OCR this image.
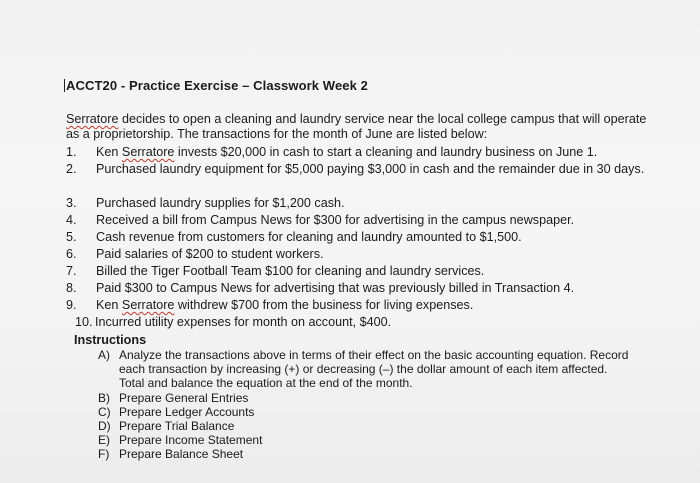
ACCT20 - Practice Exercise – Classwork Week 2
Serratore decides to open a cleaning and laundry service near the local college campus that will operate as a proprietorship. The transactions for the month of June are listed below:
1.	Ken Serratore invests $20,000 in cash to start a cleaning and laundry business on June 1.
2.	Purchased laundry equipment for $5,000 paying $3,000 in cash and the remainder due in 30 days.
3.	Purchased laundry supplies for $1,200 cash.
4.	Received a bill from Campus News for $300 for advertising in the campus newspaper.
5.	Cash revenue from customers for cleaning and laundry amounted to $1,500.
6.	Paid salaries of $200 to student workers.
7.	Billed the Tiger Football Team $100 for cleaning and laundry services.
8.	Paid $300 to Campus News for advertising that was previously billed in Transaction 4.
9.	Ken Serratore withdrew $700 from the business for living expenses.
10. Incurred utility expenses for month on account, $400.
Instructions
A) Analyze the transactions above in terms of their effect on the basic accounting equation. Record each transaction by increasing (+) or decreasing (–) the dollar amount of each item affected. Total and balance the equation at the end of the month.
B) Prepare General Entries
C) Prepare Ledger Accounts
D) Prepare Trial Balance
E) Prepare Income Statement
F) Prepare Balance Sheet
